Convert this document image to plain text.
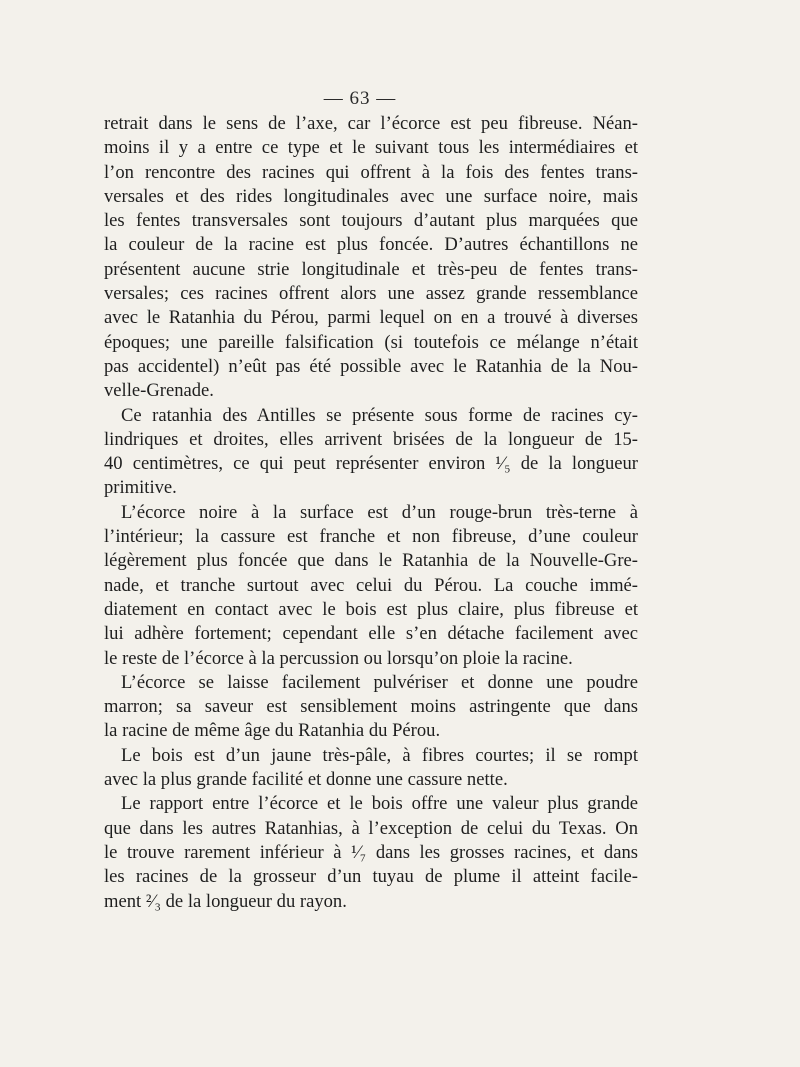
— 63 —
retrait dans le sens de l’axe, car l’écorce est peu fibreuse. Néan-
moins il y a entre ce type et le suivant tous les intermédiaires et
l’on rencontre des racines qui offrent à la fois des fentes trans-
versales et des rides longitudinales avec une surface noire, mais
les fentes transversales sont toujours d’autant plus marquées que
la couleur de la racine est plus foncée. D’autres échantillons ne
présentent aucune strie longitudinale et très-peu de fentes trans-
versales; ces racines offrent alors une assez grande ressemblance
avec le Ratanhia du Pérou, parmi lequel on en a trouvé à diverses
époques; une pareille falsification (si toutefois ce mélange n’était
pas accidentel) n’eût pas été possible avec le Ratanhia de la Nou-
velle-Grenade.
Ce ratanhia des Antilles se présente sous forme de racines cy-
lindriques et droites, elles arrivent brisées de la longueur de 15-
40 centimètres, ce qui peut représenter environ ¹⁄₅ de la longueur
primitive.
L’écorce noire à la surface est d’un rouge-brun très-terne à
l’intérieur; la cassure est franche et non fibreuse, d’une couleur
légèrement plus foncée que dans le Ratanhia de la Nouvelle-Gre-
nade, et tranche surtout avec celui du Pérou. La couche immé-
diatement en contact avec le bois est plus claire, plus fibreuse et
lui adhère fortement; cependant elle s’en détache facilement avec
le reste de l’écorce à la percussion ou lorsqu’on ploie la racine.
L’écorce se laisse facilement pulvériser et donne une poudre
marron; sa saveur est sensiblement moins astringente que dans
la racine de même âge du Ratanhia du Pérou.
Le bois est d’un jaune très-pâle, à fibres courtes; il se rompt
avec la plus grande facilité et donne une cassure nette.
Le rapport entre l’écorce et le bois offre une valeur plus grande
que dans les autres Ratanhias, à l’exception de celui du Texas. On
le trouve rarement inférieur à ¹⁄₇ dans les grosses racines, et dans
les racines de la grosseur d’un tuyau de plume il atteint facile-
ment ²⁄₃ de la longueur du rayon.
